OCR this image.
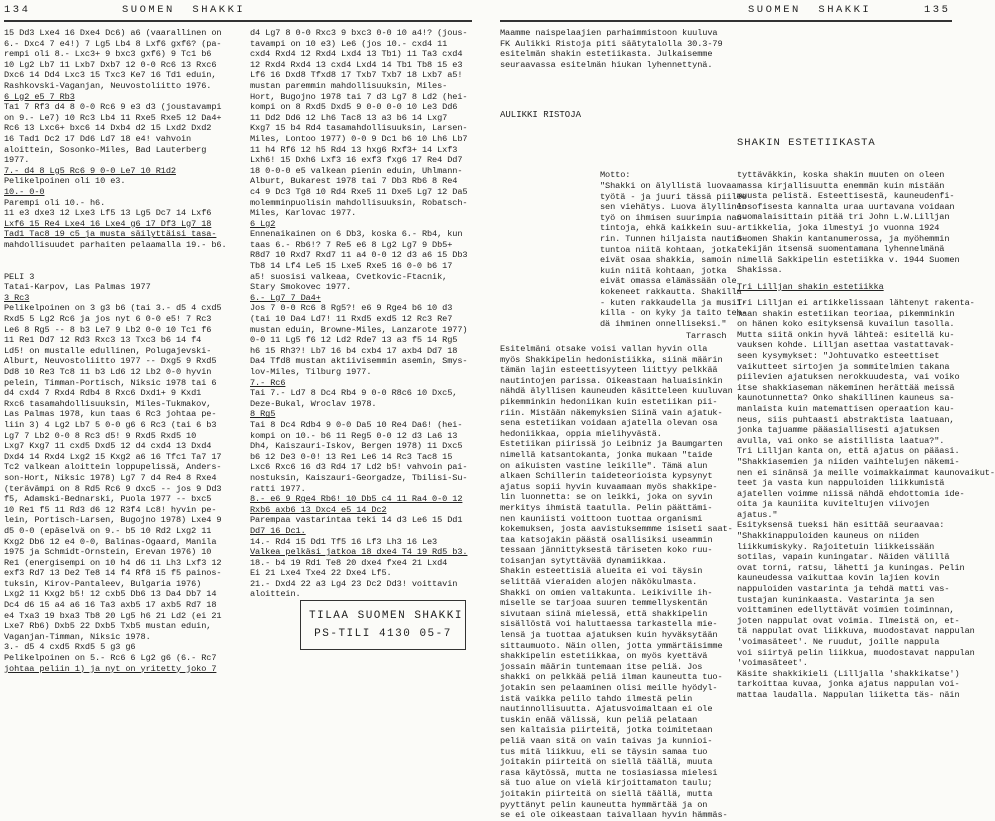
134	SUOMEN  SHAKKI	SUOMEN  SHAKKI	135
15 Dd3 Lxe4 16 Dxe4 Dc6) a6 (vaarallinen on
6.- Dxc4 7 e4!) 7 Lg5 Lb4 8 Lxf6 gxf6? (pa-
rempi oli 8.- Lxc3+ 9 bxc3 gxf6) 9 Tc1 b6
10 Lg2 Lb7 11 Lxb7 Dxb7 12 0-0 Rc6 13 Rxc6
Dxc6 14 Dd4 Lxc3 15 Txc3 Ke7 16 Td1 eduin,
Rashkovski-Vaganjan, Neuvostoliitto 1976.
6 Lg2 e5 7 Rb3
Ta1 7 Rf3 d4 8 0-0 Rc6 9 e3 d3 (joustavampi
on 9.- Le7) 10 Rc3 Lb4 11 Rxe5 Rxe5 12 Da4+
Rc6 13 Lxc6+ bxc6 14 Dxb4 d2 15 Lxd2 Dxd2
16 Tad1 Dc2 17 Dd6 Ld7 18 e4! vahvoin
aloittein, Sosonko-Miles, Bad Lauterberg
1977.
7.- d4 8 Lg5 Rc6 9 0-0 Le7 10 R1d2
Pelikelpoinen oli 10 e3.
10.- 0-0
Parempi oli 10.- h6.
11 e3 dxe3 12 Lxe3 Lf5 13 Lg5 Dc7 14 Lxf6
Lxf6 15 Re4 Lxe4 16 Lxe4 g6 17 Df3 Lg7 18
Tad1 Tac8 19 c5 ja musta säilyttäisi tasa-
mahdollisuudet parhaiten pelaamalla 19.- b6.
PELI 3
Tatai-Karpov, Las Palmas 1977
3 Rc3
Pelikelpoinen on 3 g3 b6 (tai 3.- d5 4 cxd5
Rxd5 5 Lg2 Rc6 ja jos nyt 6 0-0 e5! 7 Rc3
Le6 8 Rg5 -- 8 b3 Le7 9 Lb2 0-0 10 Tc1 f6
11 Re1 Dd7 12 Rd3 Rxc3 13 Txc3 b6 14 f4
Ld5! on mustalle edullinen, Polugajevski-
Alburt, Neuvostoliitto 1977 -- Dxg5 9 Rxd5
Dd8 10 Re3 Tc8 11 b3 Ld6 12 Lb2 0-0 hyvin
pelein, Timman-Portisch, Niksic 1978 tai 6
d4 cxd4 7 Rxd4 Rdb4 8 Rxc6 Dxd1+ 9 Kxd1
Rxc6 tasamahdollisuuksin, Miles-Tukmakov,
Las Palmas 1978, kun taas 6 Rc3 johtaa pe-
liin 3) 4 Lg2 Lb7 5 0-0 g6 6 Rc3 (tai 6 b3
Lg7 7 Lb2 0-0 8 Rc3 d5! 9 Rxd5 Rxd5 10
Lxg7 Kxg7 11 cxd5 Dxd5 12 d4 cxd4 13 Dxd4
Dxd4 14 Rxd4 Lxg2 15 Kxg2 a6 16 Tfc1 Ta7 17
Tc2 valkean aloittein loppupelissä, Anders-
son-Hort, Niksic 1978) Lg7 7 d4 Re4 8 Rxe4
(terävämpi on 8 Rd5 Rc6 9 dxc5 -- jos 9 Dd3
f5, Adamski-Bednarski, Puola 1977 -- bxc5
10 Re1 f5 11 Rd3 d6 12 R3f4 Lc8! hyvin pe-
lein, Portisch-Larsen, Bugojno 1978) Lxe4 9
d5 0-0 (epäselvä on 9.- b5 10 Rd2 Lxg2 11
Kxg2 Db6 12 e4 0-0, Balinas-Ogaard, Manila
1975 ja Schmidt-Ornstein, Erevan 1976) 10
Re1 (energisempi on 10 h4 d6 11 Lh3 Lxf3 12
exf3 Rd7 13 De2 Te8 14 f4 Rf8 15 f5 painos-
tuksin, Kirov-Pantaleev, Bulgaria 1976)
Lxg2 11 Kxg2 b5! 12 cxb5 Db6 13 Da4 Db7 14
Dc4 d6 15 a4 a6 16 Ta3 axb5 17 axb5 Rd7 18
e4 Txa3 19 bxa3 Tb8 20 Lg5 h6 21 Ld2 (ei 21
Lxe7 Rb6) Dxb5 22 Dxb5 Txb5 mustan eduin,
Vaganjan-Timman, Niksic 1978.
3.- d5 4 cxd5 Rxd5 5 g3 g6
Pelikelpoinen on 5.- Rc6 6 Lg2 g6 (6.- Rc7
johtaa peliin 1) ja nyt on yritetty joko 7
d4 Lg7 8 0-0 Rxc3 9 bxc3 0-0 10 a4!? (jous-
tavampi on 10 e3) Le6 (jos 10.- cxd4 11
cxd4 Rxd4 12 Rxd4 Lxd4 13 Tb1) 11 Ta3 cxd4
12 Rxd4 Rxd4 13 cxd4 Lxd4 14 Tb1 Tb8 15 e3
Lf6 16 Dxd8 Tfxd8 17 Txb7 Txb7 18 Lxb7 a5!
mustan paremmin mahdollisuuksin, Miles-
Hort, Bugojno 1978 tai 7 d3 Lg7 8 Ld2 (hei-
kompi on 8 Rxd5 Dxd5 9 0-0 0-0 10 Le3 Dd6
11 Dd2 Dd6 12 Lh6 Tac8 13 a3 b6 14 Lxg7
Kxg7 15 b4 Rd4 tasamahdollisuuksin, Larsen-
Miles, Lontoo 1977) 0-0 9 Dc1 b6 10 Lh6 Lb7
11 h4 Rf6 12 h5 Rd4 13 hxg6 Rxf3+ 14 Lxf3
Lxh6! 15 Dxh6 Lxf3 16 exf3 fxg6 17 Re4 Dd7
18 0-0-0 e5 valkean pienin eduin, Uhlmann-
Alburt, Bukarest 1978 tai 7 Db3 Rb6 8 Re4
c4 9 Dc3 Tg8 10 Rd4 Rxe5 11 Dxe5 Lg7 12 Da5
molemminpuolisin mahdollisuuksin, Robatsch-
Miles, Karlovac 1977.
6 Lg2
Ennenaikainen on 6 Db3, koska 6.- Rb4, kun
taas 6.- Rb6!? 7 Re5 e6 8 Lg2 Lg7 9 Db5+
R8d7 10 Rxd7 Rxd7 11 a4 0-0 12 d3 a6 15 Db3
Tb8 14 Lf4 Le5 15 Lxe5 Rxe5 16 0-0 b6 17
a5! suosisi valkeaa, Cvetkovic-Ftacnik,
Stary Smokovec 1977.
6.- Lg7 7 Da4+
Jos 7 0-0 Rc6 8 Rg5?! e6 9 Rge4 b6 10 d3
(tai 10 Da4 Ld7! 11 Rxd5 exd5 12 Rc3 Re7
mustan eduin, Browne-Miles, Lanzarote 1977)
0-0 11 Lg5 f6 12 Ld2 Rde7 13 a3 f5 14 Rg5
h6 15 Rh3?! Lb7 16 b4 cxb4 17 axb4 Dd7 18
Da4 Tfd8 mustan aktiivisemmin asemin, Smys-
lov-Miles, Tilburg 1977.
7.- Rc6
Tai 7.- Ld7 8 Dc4 Rb4 9 0-0 R8c6 10 Dxc5,
Deze-Bukal, Wroclav 1978.
8 Rg5
Tai 8 Dc4 Rdb4 9 0-0 Da5 10 Re4 Da6! (hei-
kompi on 10.- b6 11 Reg5 0-0 12 d3 La6 13
Dh4, Kaiszauri-Iskov, Bergen 1978) 11 Dxc5
b6 12 De3 0-0! 13 Re1 Le6 14 Rc3 Tac8 15
Lxc6 Rxc6 16 d3 Rd4 17 Ld2 b5! vahvoin pai-
nostuksin, Kaiszauri-Georgadze, Tbilisi-Su-
ratti 1977.
8.- e6 9 Rge4 Rb6! 10 Db5 c4 11 Ra4 0-0 12
Rxb6 axb6 13 Dxc4 e5 14 Dc2
Parempaa vastarintaa teki 14 d3 Le6 15 Dd1
Dd7 16 Dc1.
14.- Rd4 15 Dd1 Tf5 16 Lf3 Lh3 16 Le3
Valkea pelkäsi jatkoa 18 dxe4 T4 19 Rd5 b3.
18.- b4 19 Rd1 Te8 20 dxe4 fxe4 21 Lxd4
Ei 21 Lxe4 Txe4 22 Dxe4 Lf5.
21.- Dxd4 22 a3 Lg4 23 Dc2 Dd3! voittavin
aloittein.
TILAA SUOMEN SHAKKI
PS-TILI 4130 05-7
Maamme naispelaajien parhaimmistoon kuuluva
FK Aulikki Ristoja piti säätytalolla 30.3-79
esitelmän shakin estetiikasta. Julkaisemme
seuraavassa esitelmän hiukan lyhennettynä.
AULIKKI RISTOJA
SHAKIN ESTETIIKASTA
Motto:
"Shakki on älyllistä luovaa
työtä - ja juuri tässä piilee
sen viehätys. Luova älyllinen
työ on ihmisen suurimpia nau-
tintoja, ehkä kaikkein suu-
rin. Tunnen hiljaista nautin-
tuntoa niitä kohtaan, jotka
eivät osaa shakkia, samoin
kuin niitä kohtaan, jotka
eivät omassa elämässään ole
kokeneet rakkautta. Shakilla
- kuten rakkaudella ja musii-
killa - on kyky ja taito teh-
dä ihminen onnelliseksi."
Tarrasch
Esitelmäni otsake voisi vallan hyvin olla
myös Shakkipelin hedonistiikka, siinä määrin
tämän lajin esteettisyyteen liittyy pelkkää
nautintojen parissa. Oikeastaan haluaisinkin
nähdä älyllisen kauneuden käsitteleen kuuluvan
pikemminkin hedoniikan kuin estetiikan pii-
riin. Mistään näkemyksien Siinä vain ajatuk-
sena estetiikan voidaan ajatella olevan osa
hedoniikkaa, oppia mielihyvästä.
Estetiikan piirissä jo Leibniz ja Baumgarten
nimellä katsantokanta, jonka mukaan "taide
on aikuisten vastine leikille". Tämä alun
alkaen Schillerin taideteorioista kypsynyt
ajatus sopii hyvin kuvaamaan myös shakkipe-
lin luonnetta: se on leikki, joka on syvin
merkitys ihmistä taatulla. Pelin päättämi-
nen kauniisti voittoon tuottaa organismi
kokemuksen, josta aavistuksemmme isiseti saat-
taa katsojakin päästä osallisiksi useammin
tessaan jännittyksestä täriseten koko ruu-
toisanjan sytyttävää dynamiikkaa.
Shakin esteettisiä alueita ei voi täysin
selittää vieraiden alojen näkökulmasta.
Shakki on omien valtakunta. Leikiville ih-
miselle se tarjoaa suuren temmellyskentän
sivutaan siinä mielessä, että shakkipelin
sisällöstä voi haluttaessa tarkastella mie-
lensä ja tuottaa ajatuksen kuin hyväksytään
sittaumuoto. Näin ollen, jotta ymmärtäisimme
shakkipelin estetiikkaa, on myös kyettävä
jossain määrin tuntemaan itse peliä. Jos
shakki on pelkkää peliä ilman kauneutta tuo-
jotakin sen pelaaminen olisi meille hyödyl-
istä vaikka pelilo tahdo ilmestä pelin
nautinnollisuutta. Ajatusvoimaltaan ei ole
tuskin enää välissä, kun peliä pelataan
sen kaltaisia piirteitä, jotka toimitetaan
peliä vaan sitä on vain taivas ja kunnioi-
tus mitä liikkuu, eli se täysin samaa tuo
joitakin piirteitä on siellä täällä, muuta
rasa käytössä, mutta ne tosiasiassa mielesi
sä tuo alue on vielä kirjoittamaton taulu;
joitakin piirteitä on siellä täällä, mutta
pyyttänyt pelin kauneutta hymmärtää ja on
se ei ole oikeastaan taivallaan hyvin hämmäs-
tyttäväkkin, koska shakin muuten on oleen
massa kirjallisuutta enemmän kuin mistään
muusta pelistä. Esteettisestä, kauneudenfi-
losofisesta kannalta uraa uurtavana voidaan
suomalaisittain pitää tri John L.W.Lilljan
artikkelia, joka ilmestyi jo vuonna 1924
Suomen Shakin kantanumerossa, ja myöhemmin
tekijän itsensä suomentamana lyhennelmänä
nimellä Sakkipelin estetiikka v. 1944 Suomen
Shakissa.
Tri Lilljan shakin estetiikka
Tri Lilljan ei artikkelissaan lähtenyt rakenta-
maan shakin estetiikan teoriaa, pikemminkin
on hänen koko esityksensä kuvailun tasolla.
Mutta siitä onkin hyvä lähteä: esitellä ku-
vauksen kohde. Lilljan asettaa vastattavak-
seen kysymykset: "Johtuvatko esteettiset
vaikutteet sirtojen ja sommitelmien takana
piilevien ajatuksen nerokkuudesta, vai voiko
itse shakkiaseman näkeminen herättää meissä
kaunotunnetta? Onko shakillinen kauneus sa-
manlaista kuin matemattisen operaation kau-
neus, siis puhtaasti abstraktista laatuaan,
jonka tajuamme pääasiallisesti ajatuksen
avulla, vai onko se aistillista laatua?".
Tri Lilljan kanta on, että ajatus on pääasi.
"Shakkiasemien ja niiden vaihtelujen näkemi-
nen ei sinänsä ja meille voimakkaimmat kaunovaikut-
teet ja vasta kun nappuloiden liikkumistä
ajatellen voimme niissä nähdä ehdottomia ide-
oita ja kauniita kuviteltujen viivojen
ajatus."
Esityksensä tueksi hän esittää seuraavaa:
"Shakkinappuloiden kauneus on niiden
liikkumiskyky. Rajoitetuin liikkeissään
sotilas, vapain kuningatar. Näiden välillä
ovat torni, ratsu, lähetti ja kuningas. Pelin
kauneudessa vaikuttaa kovin lajien kovin
nappuloiden vastarinta ja tehdä matti vas-
tustajan kuninkaasta. Vastarinta ja sen
voittaminen edellyttävät voimien toiminnan,
joten nappulat ovat voimia. Ilmeistä on, et-
tä nappulat ovat liikkuva, muodostavat nappulan
'voimasäteet'. Ne ruudut, joille nappula
voi siirtyä pelin liikkua, muodostavat nappulan
'voimasäteet'.
Käsite shakkikieli (Lilljalla 'shakkikatse')
tarkoittaa kuvaa, jonka ajatus nappulan voi-
mattaa laudalla. Nappulan liiketta täs- näin
